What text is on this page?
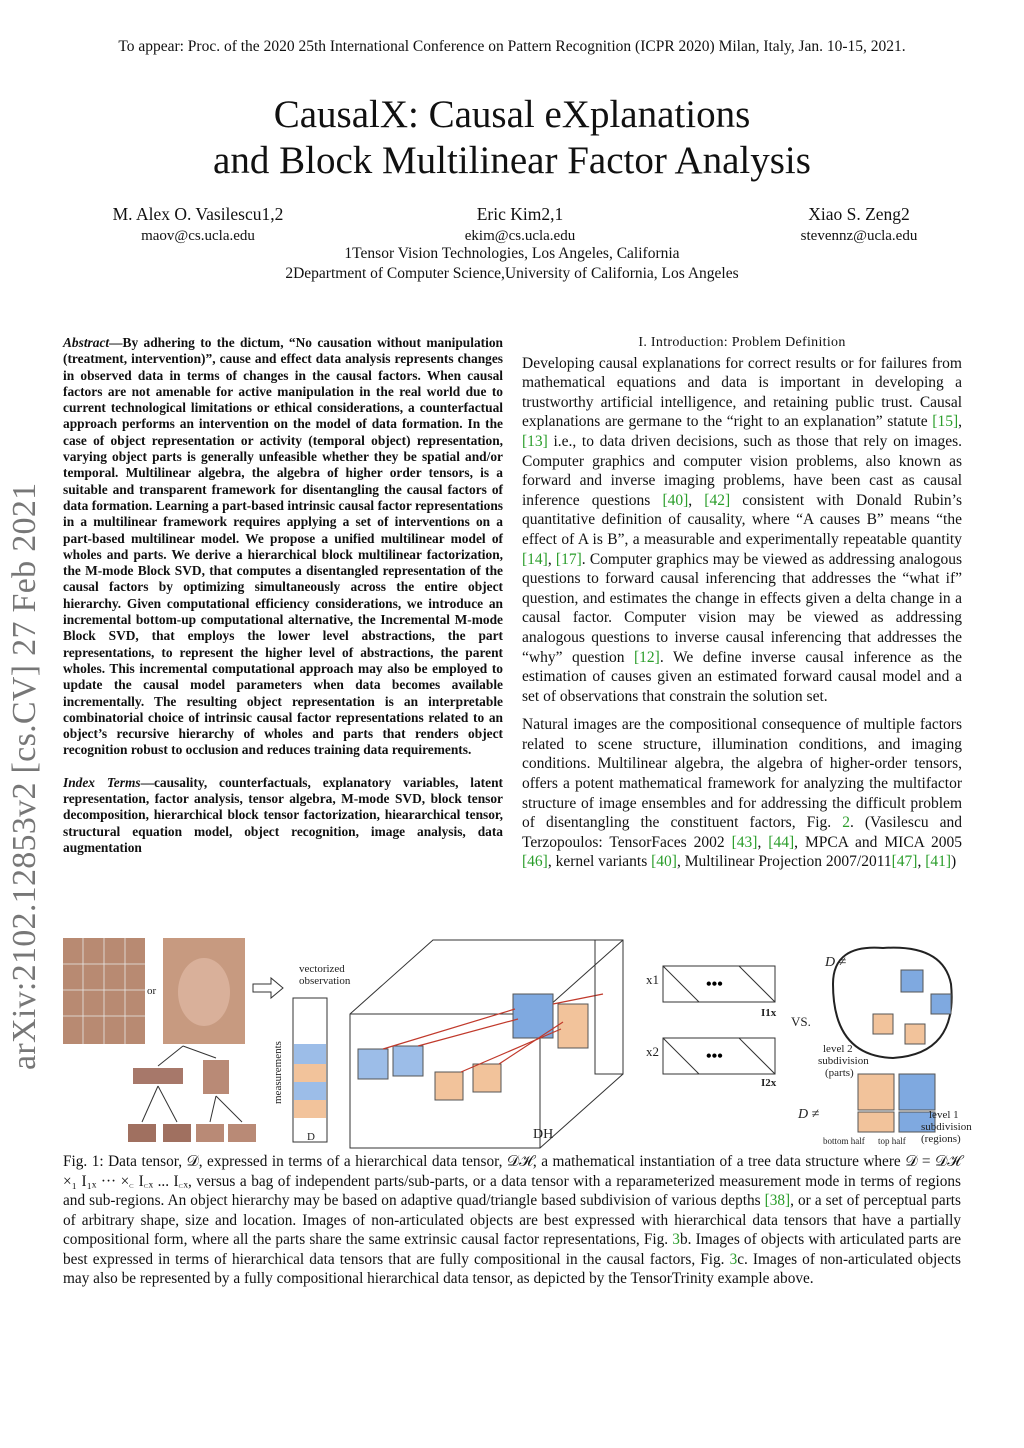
To appear: Proc. of the 2020 25th International Conference on Pattern Recognition (ICPR 2020) Milan, Italy, Jan. 10-15, 2021.
CausalX: Causal eXplanations
and Block Multilinear Factor Analysis
M. Alex O. Vasilescu1,2
maov@cs.ucla.edu
Eric Kim2,1
ekim@cs.ucla.edu
Xiao S. Zeng2
stevennz@ucla.edu
1Tensor Vision Technologies, Los Angeles, California
2Department of Computer Science,University of California, Los Angeles
arXiv:2102.12853v2 [cs.CV] 27 Feb 2021

Abstract—By adhering to the dictum, “No causation without manipulation (treatment, intervention)”, cause and effect data analysis represents changes in observed data in terms of changes in the causal factors. When causal factors are not amenable for active manipulation in the real world due to current technological limitations or ethical considerations, a counterfactual approach performs an intervention on the model of data formation. In the case of object representation or activity (temporal object) representation, varying object parts is generally unfeasible whether they be spatial and/or temporal. Multilinear algebra, the algebra of higher order tensors, is a suitable and transparent framework for disentangling the causal factors of data formation. Learning a part-based intrinsic causal factor representations in a multilinear framework requires applying a set of interventions on a part-based multilinear model. We propose a unified multilinear model of wholes and parts. We derive a hierarchical block multilinear factorization, the M-mode Block SVD, that computes a disentangled representation of the causal factors by optimizing simultaneously across the entire object hierarchy. Given computational efficiency considerations, we introduce an incremental bottom-up computational alternative, the Incremental M-mode Block SVD, that employs the lower level abstractions, the part representations, to represent the higher level of abstractions, the parent wholes. This incremental computational approach may also be employed to update the causal model parameters when data becomes available incrementally. The resulting object representation is an interpretable combinatorial choice of intrinsic causal factor representations related to an object’s recursive hierarchy of wholes and parts that renders object recognition robust to occlusion and reduces training data requirements.

Index Terms—causality, counterfactuals, explanatory variables, latent representation, factor analysis, tensor algebra, M-mode SVD, block tensor decomposition, hierarchical block tensor factorization, hieararchical tensor, structural equation model, object recognition, image analysis, data augmentation

I. Introduction: Problem Definition

Developing causal explanations for correct results or for failures from mathematical equations and data is important in developing a trustworthy artificial intelligence, and retaining public trust. Causal explanations are germane to the “right to an explanation” statute [15], [13] i.e., to data driven decisions, such as those that rely on images. Computer graphics and computer vision problems, also known as forward and inverse imaging problems, have been cast as causal inference questions [40], [42] consistent with Donald Rubin’s quantitative definition of causality, where “A causes B” means “the effect of A is B”, a measurable and experimentally repeatable quantity [14], [17]. Computer graphics may be viewed as addressing analogous questions to forward causal inferencing that addresses the “what if” question, and estimates the change in effects given a delta change in a causal factor. Computer vision may be viewed as addressing analogous questions to inverse causal inferencing that addresses the “why” question [12]. We define inverse causal inference as the estimation of causes given an estimated forward causal model and a set of observations that constrain the solution set.

Natural images are the compositional consequence of multiple factors related to scene structure, illumination conditions, and imaging conditions. Multilinear algebra, the algebra of higher-order tensors, offers a potent mathematical framework for analyzing the multifactor structure of image ensembles and for addressing the difficult problem of disentangling the constituent factors, Fig. 2. (Vasilescu and Terzopoulos: TensorFaces 2002 [43], [44], MPCA and MICA 2005 [46], kernel variants [40], Multilinear Projection 2007/2011[47], [41])

or
vectorized
observation
measurements
D	DH
x1	•••
I1x
x2	•••
I2x
VS.
D ≠
level 2
subdivision
(parts)
D ≠	level 1
subdivision
(regions)
bottom half top half
Fig. 1: Data tensor, 𝒟, expressed in terms of a hierarchical data tensor, 𝒟ℋ, a mathematical instantiation of a tree data structure where 𝒟 = 𝒟ℋ ×₁ I₁ₓ ··· ×꜀ I꜀ₓ ... I꜀ₓ, versus a bag of independent parts/sub-parts, or a data tensor with a reparameterized measurement mode in terms of regions and sub-regions. An object hierarchy may be based on adaptive quad/triangle based subdivision of various depths [38], or a set of perceptual parts of arbitrary shape, size and location. Images of non-articulated objects are best expressed with hierarchical data tensors that have a partially compositional form, where all the parts share the same extrinsic causal factor representations, Fig. 3b. Images of objects with articulated parts are best expressed in terms of hierarchical data tensors that are fully compositional in the causal factors, Fig. 3c. Images of non-articulated objects may also be represented by a fully compositional hierarchical data tensor, as depicted by the TensorTrinity example above.
